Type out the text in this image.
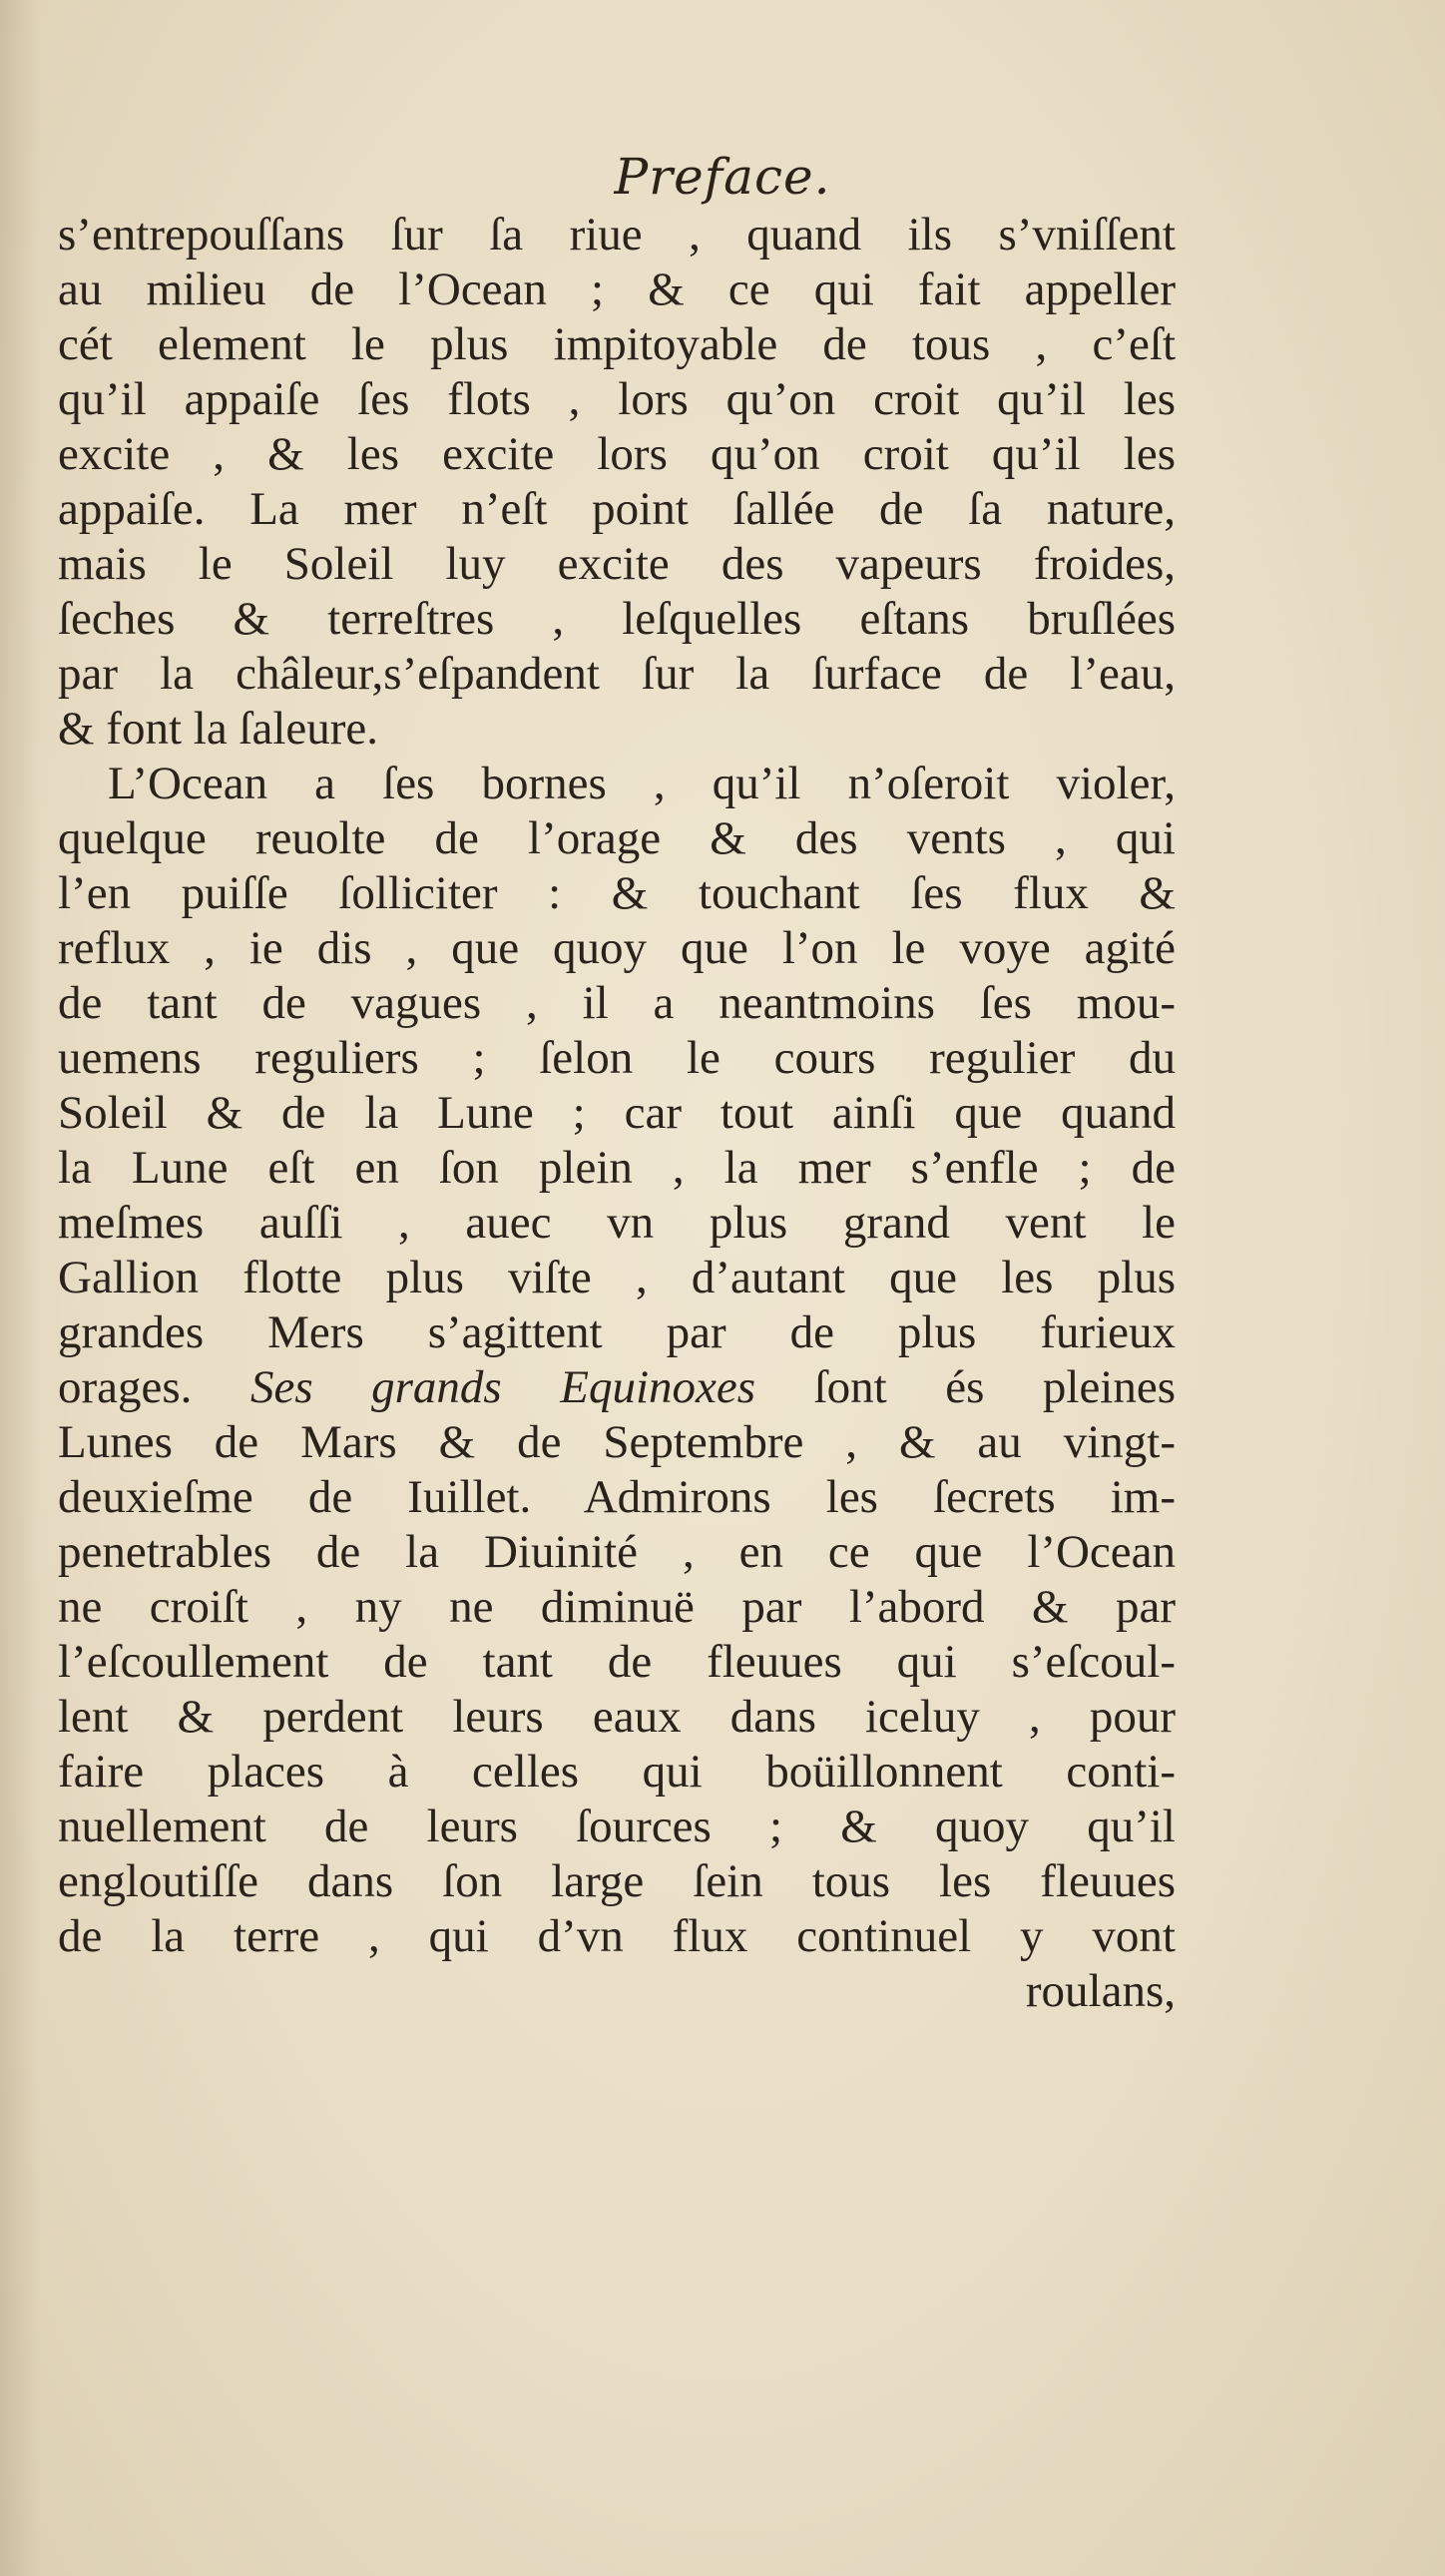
Preface.
s’entrepouſſans ſur ſa riue , quand ils s’vniſſent
au milieu de l’Ocean ; & ce qui fait appeller
cét element le plus impitoyable de tous , c’eſt
qu’il appaiſe ſes flots , lors qu’on croit qu’il les
excite , & les excite lors qu’on croit qu’il les
appaiſe. La mer n’eſt point ſallée de ſa nature,
mais le Soleil luy excite des vapeurs froides,
ſeches & terreſtres , leſquelles eſtans bruſlées
par la châleur,s’eſpandent ſur la ſurface de l’eau,
& font la ſaleure.
L’Ocean a ſes bornes , qu’il n’oſeroit violer,
quelque reuolte de l’orage & des vents , qui
l’en puiſſe ſolliciter : & touchant ſes flux &
reflux , ie dis , que quoy que l’on le voye agité
de tant de vagues , il a neantmoins ſes mou-
uemens reguliers ; ſelon le cours regulier du
Soleil & de la Lune ; car tout ainſi que quand
la Lune eſt en ſon plein , la mer s’enfle ; de
meſmes auſſi , auec vn plus grand vent le
Gallion flotte plus viſte , d’autant que les plus
grandes Mers s’agittent par de plus furieux
orages. Ses grands Equinoxes ſont és pleines
Lunes de Mars & de Septembre , & au vingt-
deuxieſme de Iuillet. Admirons les ſecrets im-
penetrables de la Diuinité , en ce que l’Ocean
ne croiſt , ny ne diminuë par l’abord & par
l’eſcoullement de tant de fleuues qui s’eſcoul-
lent & perdent leurs eaux dans iceluy , pour
faire places à celles qui boüillonnent conti-
nuellement de leurs ſources ; & quoy qu’il
engloutiſſe dans ſon large ſein tous les fleuues
de la terre , qui d’vn flux continuel y vont
roulans,
